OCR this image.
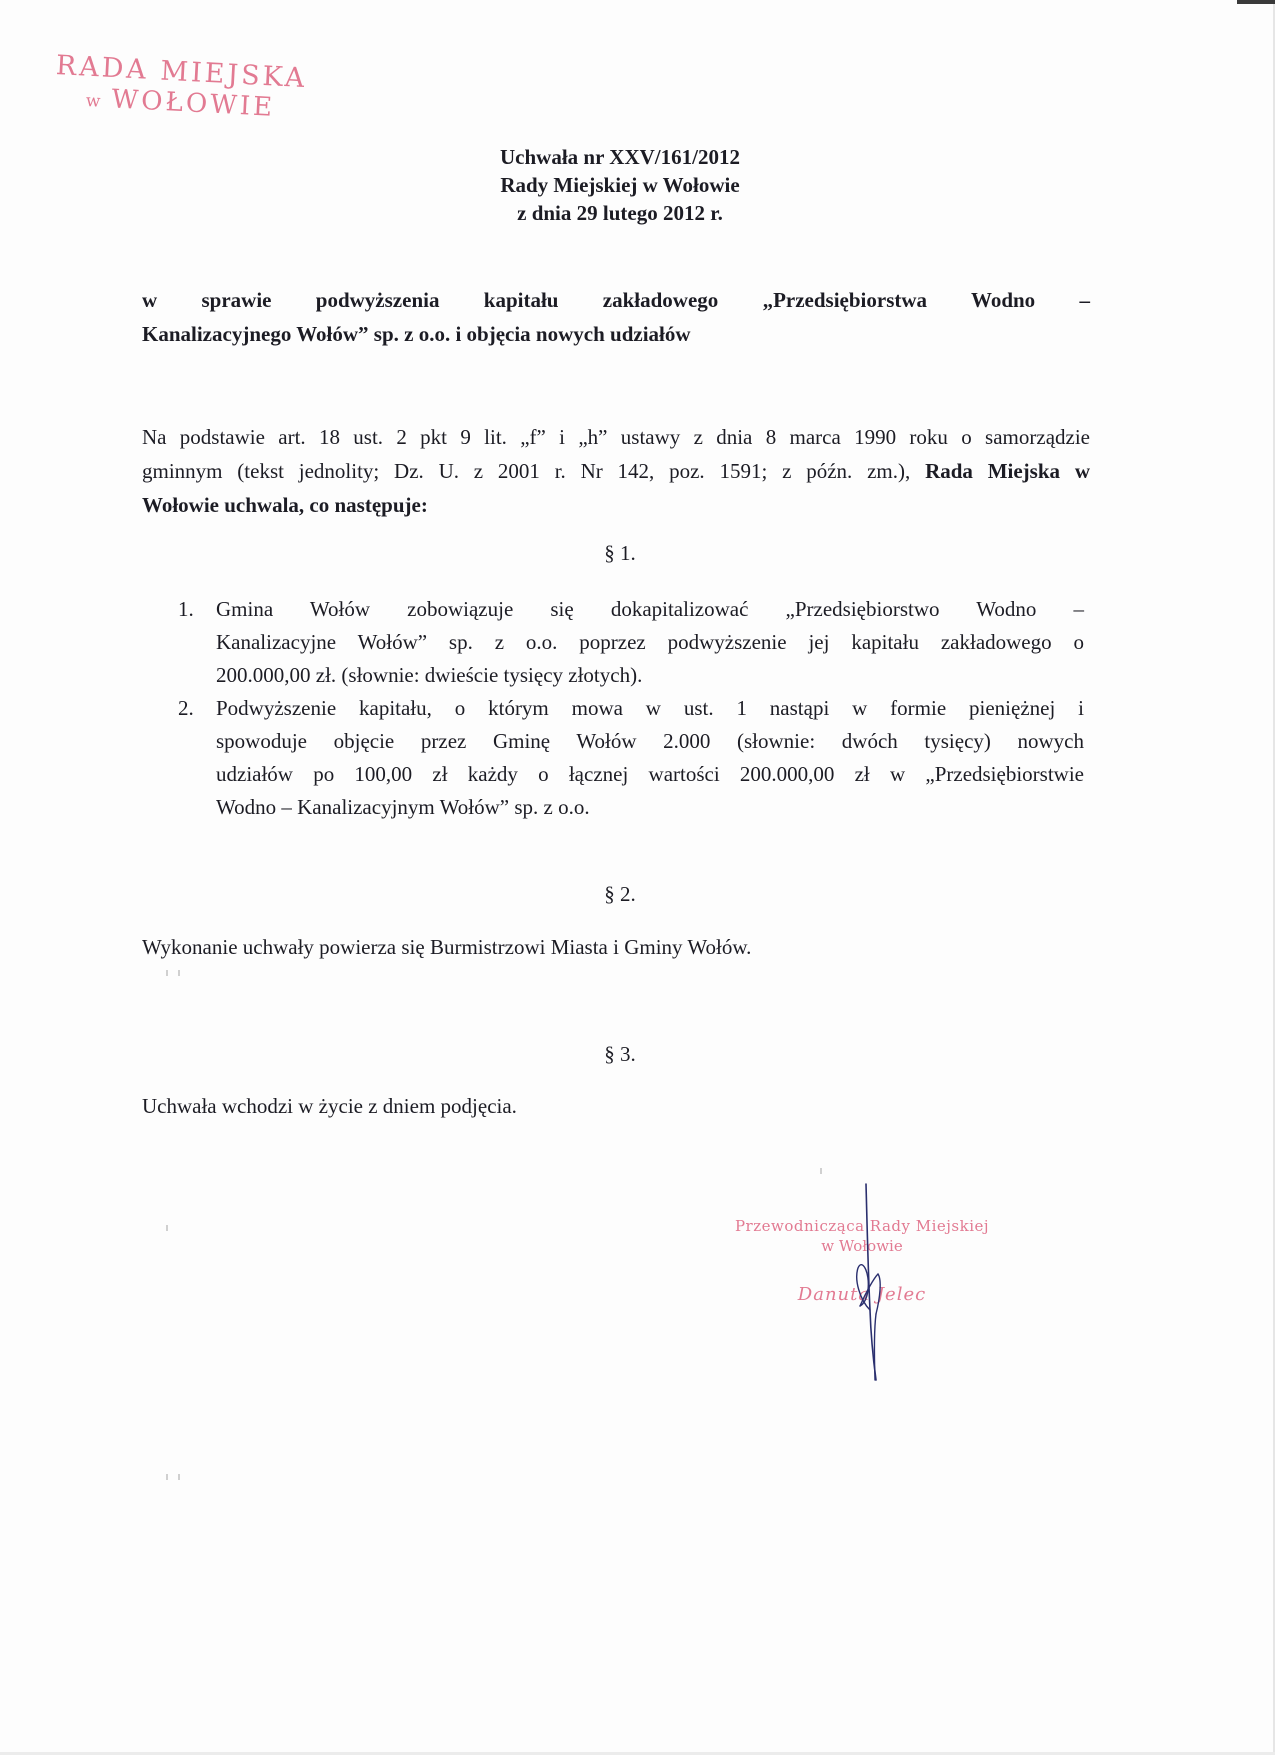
RADA MIEJSKA
w WOŁOWIE
Uchwała nr XXV/161/2012
Rady Miejskiej w Wołowie
z dnia 29 lutego 2012 r.
w sprawie podwyższenia kapitału zakładowego „Przedsiębiorstwa Wodno –
Kanalizacyjnego Wołów” sp. z o.o. i objęcia nowych udziałów
Na podstawie art. 18 ust. 2 pkt 9 lit. „f” i „h” ustawy z dnia 8 marca 1990 roku o samorządzie
gminnym (tekst jednolity; Dz. U. z 2001 r. Nr 142, poz. 1591; z późn. zm.), Rada Miejska w
Wołowie uchwala, co następuje:
§ 1.
1. Gmina Wołów zobowiązuje się dokapitalizować „Przedsiębiorstwo Wodno –
Kanalizacyjne Wołów” sp. z o.o. poprzez podwyższenie jej kapitału zakładowego o
200.000,00 zł. (słownie: dwieście tysięcy złotych).
2. Podwyższenie kapitału, o którym mowa w ust. 1 nastąpi w formie pieniężnej i
spowoduje objęcie przez Gminę Wołów 2.000 (słownie: dwóch tysięcy) nowych
udziałów po 100,00 zł każdy o łącznej wartości 200.000,00 zł w „Przedsiębiorstwie
Wodno – Kanalizacyjnym Wołów” sp. z o.o.
§ 2.
Wykonanie uchwały powierza się Burmistrzowi Miasta i Gminy Wołów.
§ 3.
Uchwała wchodzi w życie z dniem podjęcia.
Przewodnicząca Rady Miejskiej
w Wołowie
Danuta Jelec
